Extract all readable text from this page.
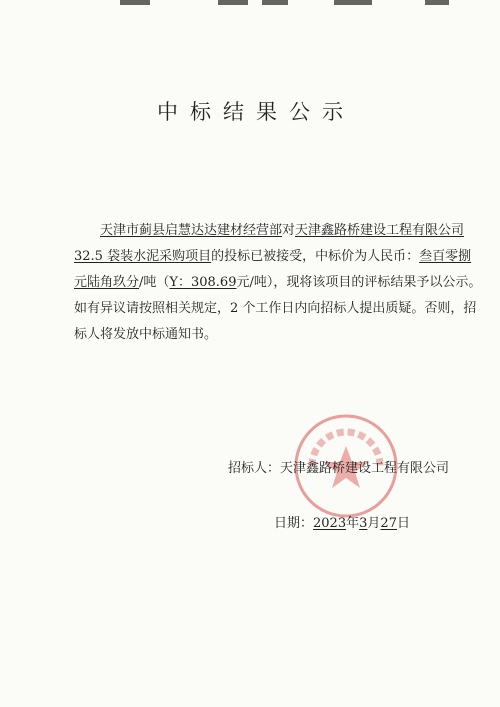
中标结果公示

天津市蓟县启慧达达建材经营部对天津鑫路桥建设工程有限公司
32.5 袋装水泥采购项目的投标已被接受，中标价为人民币：叁百零捌
元陆角玖分/吨（Y：308.69元/吨），现将该项目的评标结果予以公示。
如有异议请按照相关规定，2 个工作日内向招标人提出质疑。否则，招
标人将发放中标通知书。

招标人：天津鑫路桥建设工程有限公司
日期：2023年3月27日
